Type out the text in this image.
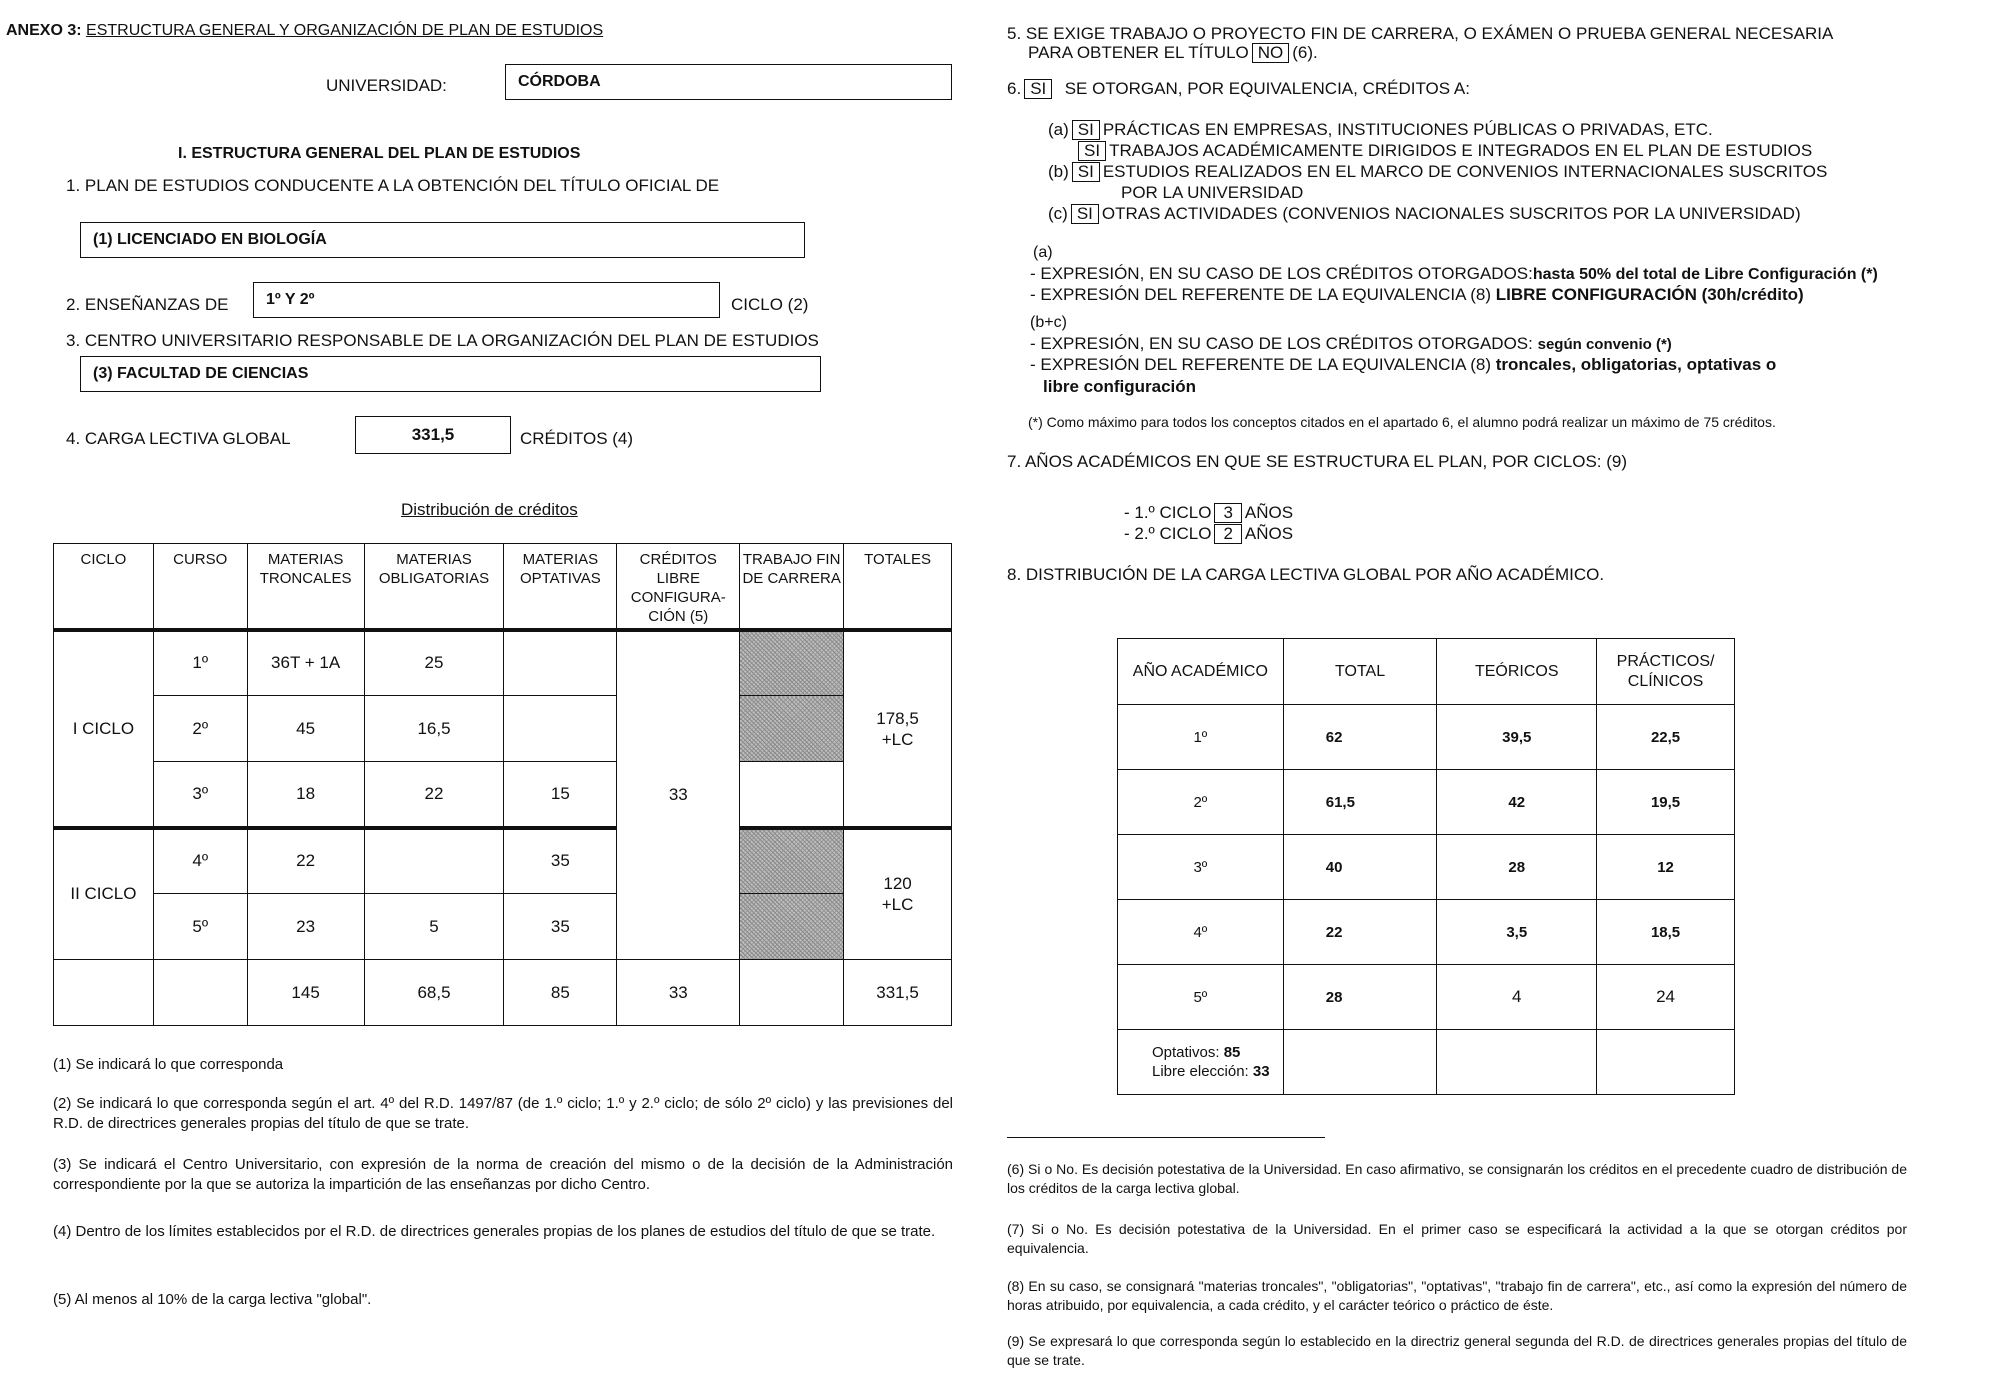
ANEXO 3: ESTRUCTURA GENERAL Y ORGANIZACIÓN DE PLAN DE ESTUDIOS
UNIVERSIDAD:	CÓRDOBA
I. ESTRUCTURA GENERAL DEL PLAN DE ESTUDIOS
1. PLAN DE ESTUDIOS CONDUCENTE A LA OBTENCIÓN DEL TÍTULO OFICIAL DE
(1) LICENCIADO EN BIOLOGÍA
2. ENSEÑANZAS DE 1º Y 2º	CICLO (2)
3. CENTRO UNIVERSITARIO RESPONSABLE DE LA ORGANIZACIÓN DEL PLAN DE ESTUDIOS
(3) FACULTAD DE CIENCIAS
4. CARGA LECTIVA GLOBAL	331,5	CRÉDITOS (4)
Distribución de créditos
CICLO	CURSO	MATERIAS TRONCALES	MATERIAS OBLIGATORIAS	MATERIAS OPTATIVAS	CRÉDITOS LIBRE CONFIGURA- CIÓN (5)	TRABAJO FIN DE CARRERA	TOTALES
I CICLO	1º	36T + 1A	25		33		178,5 +LC
	2º	45	16,5				
	3º	18	22	15			
II CICLO	4º	22		35			120 +LC
	5º	23	5	35			
		145	68,5	85	33		331,5
(1) Se indicará lo que corresponda
(2) Se indicará lo que corresponda según el art. 4º del R.D. 1497/87 (de 1.º ciclo; 1.º y 2.º ciclo; de sólo 2º ciclo) y las previsiones del R.D. de directrices generales propias del título de que se trate.
(3) Se indicará el Centro Universitario, con expresión de la norma de creación del mismo o de la decisión de la Administración correspondiente por la que se autoriza la impartición de las enseñanzas por dicho Centro.
(4) Dentro de los límites establecidos por el R.D. de directrices generales propias de los planes de estudios del título de que se trate.
(5) Al menos al 10% de la carga lectiva "global".
5. SE EXIGE TRABAJO O PROYECTO FIN DE CARRERA, O EXÁMEN O PRUEBA GENERAL NECESARIA
PARA OBTENER EL TÍTULO NO (6).
6. SI SE OTORGAN, POR EQUIVALENCIA, CRÉDITOS A:
(a) SI PRÁCTICAS EN EMPRESAS, INSTITUCIONES PÚBLICAS O PRIVADAS, ETC.
SI TRABAJOS ACADÉMICAMENTE DIRIGIDOS E INTEGRADOS EN EL PLAN DE ESTUDIOS
(b) SI ESTUDIOS REALIZADOS EN EL MARCO DE CONVENIOS INTERNACIONALES SUSCRITOS
POR LA UNIVERSIDAD
(c) SI OTRAS ACTIVIDADES (CONVENIOS NACIONALES SUSCRITOS POR LA UNIVERSIDAD)
(a)
- EXPRESIÓN, EN SU CASO DE LOS CRÉDITOS OTORGADOS:hasta 50% del total de Libre Configuración (*)
- EXPRESIÓN DEL REFERENTE DE LA EQUIVALENCIA (8) LIBRE CONFIGURACIÓN (30h/crédito)
(b+c)
- EXPRESIÓN, EN SU CASO DE LOS CRÉDITOS OTORGADOS: según convenio (*)
- EXPRESIÓN DEL REFERENTE DE LA EQUIVALENCIA (8) troncales, obligatorias, optativas o
libre configuración
(*) Como máximo para todos los conceptos citados en el apartado 6, el alumno podrá realizar un máximo de 75 créditos.
7. AÑOS ACADÉMICOS EN QUE SE ESTRUCTURA EL PLAN, POR CICLOS: (9)
- 1.º CICLO 3 AÑOS
- 2.º CICLO 2 AÑOS
8. DISTRIBUCIÓN DE LA CARGA LECTIVA GLOBAL POR AÑO ACADÉMICO.
AÑO ACADÉMICO	TOTAL	TEÓRICOS	PRÁCTICOS/ CLÍNICOS
1º	62	39,5	22,5
2º	61,5	42	19,5
3º	40	28	12
4º	22	3,5	18,5
5º	28	4	24

Optativos: 85
Libre elección: 33			

(6) Si o No. Es decisión potestativa de la Universidad. En caso afirmativo, se consignarán los créditos en el precedente cuadro de distribución de los créditos de la carga lectiva global.
(7) Si o No. Es decisión potestativa de la Universidad. En el primer caso se especificará la actividad a la que se otorgan créditos por equivalencia.
(8) En su caso, se consignará "materias troncales", "obligatorias", "optativas", "trabajo fin de carrera", etc., así como la expresión del número de horas atribuido, por equivalencia, a cada crédito, y el carácter teórico o práctico de éste.
(9) Se expresará lo que corresponda según lo establecido en la directriz general segunda del R.D. de directrices generales propias del título de que se trate.
